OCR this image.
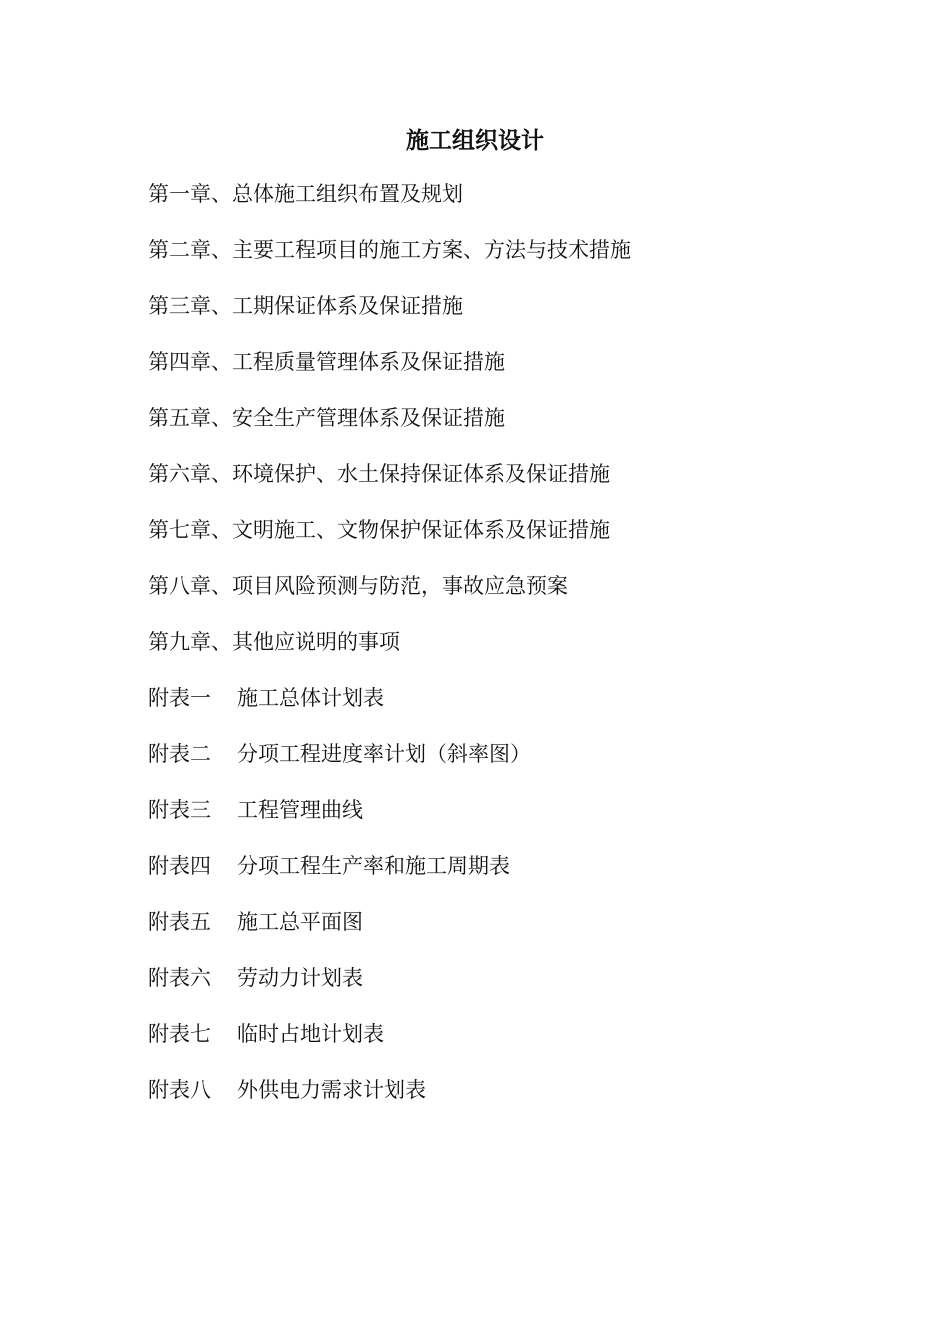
施工组织设计
第一章、总体施工组织布置及规划
第二章、主要工程项目的施工方案、方法与技术措施
第三章、工期保证体系及保证措施
第四章、工程质量管理体系及保证措施
第五章、安全生产管理体系及保证措施
第六章、环境保护、水土保持保证体系及保证措施
第七章、文明施工、文物保护保证体系及保证措施
第八章、项目风险预测与防范，事故应急预案
第九章、其他应说明的事项
附表一 施工总体计划表
附表二 分项工程进度率计划（斜率图）
附表三 工程管理曲线
附表四 分项工程生产率和施工周期表
附表五 施工总平面图
附表六 劳动力计划表
附表七 临时占地计划表
附表八 外供电力需求计划表
